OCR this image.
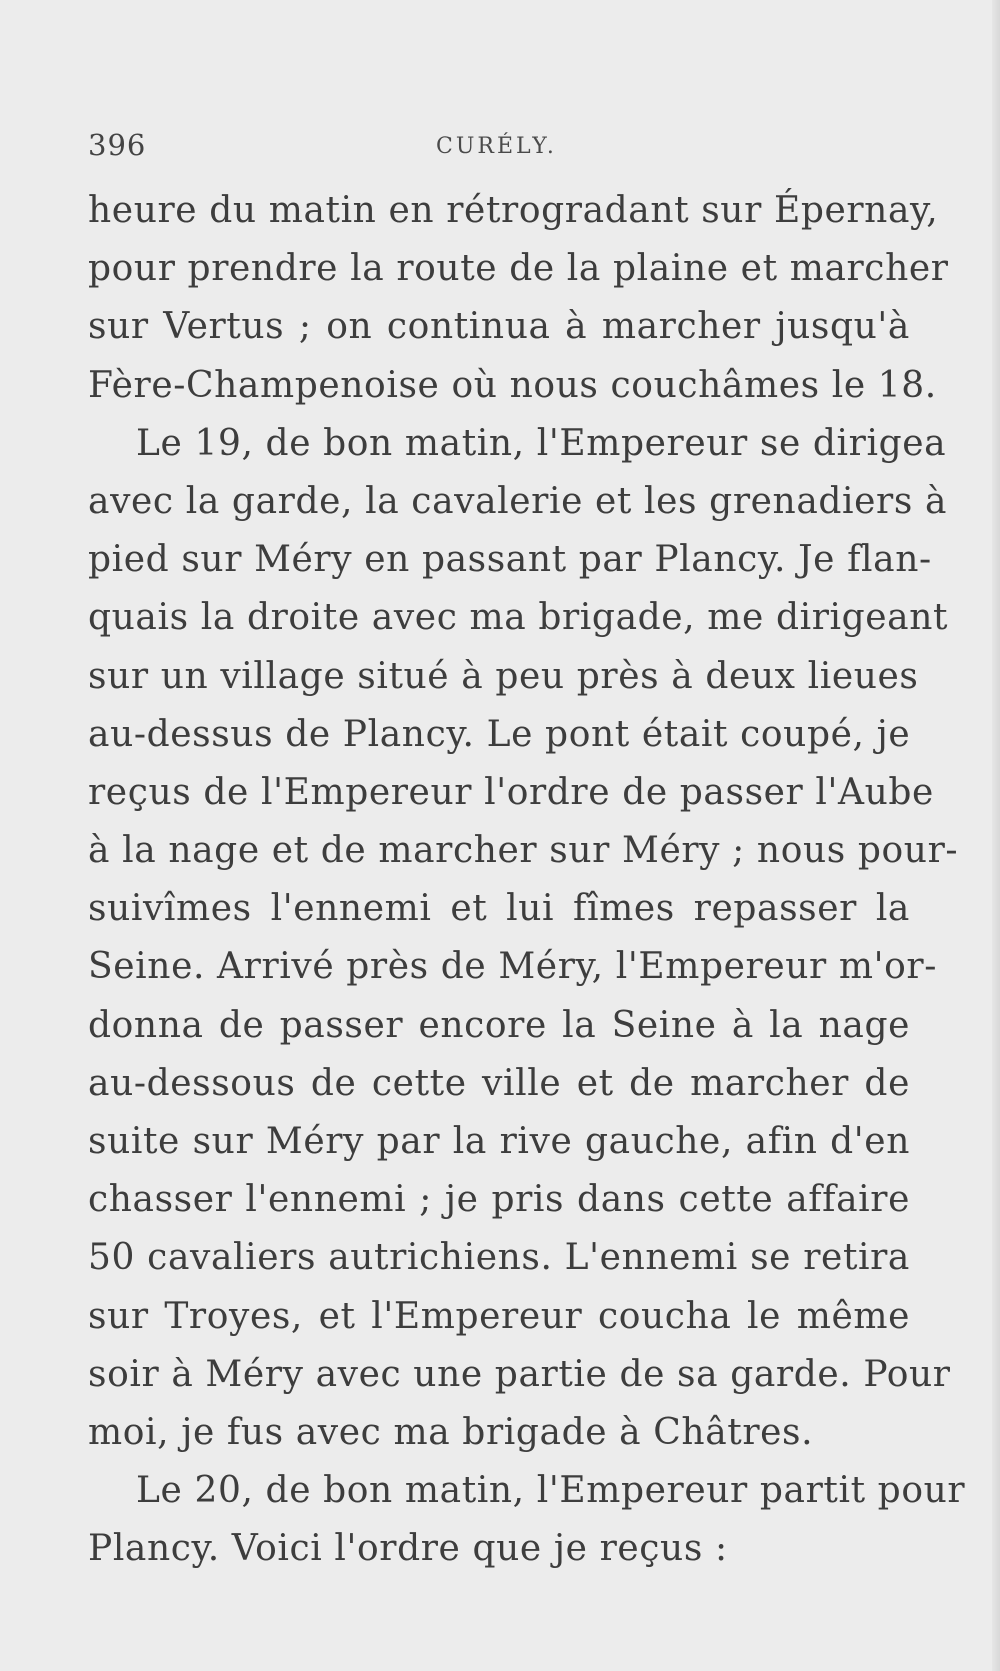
396	CURÉLY.
heure du matin en rétrogradant sur Épernay,
pour prendre la route de la plaine et marcher
sur Vertus ; on continua à marcher jusqu'à
Fère-Champenoise où nous couchâmes le 18.
Le 19, de bon matin, l'Empereur se dirigea
avec la garde, la cavalerie et les grenadiers à
pied sur Méry en passant par Plancy. Je flan-
quais la droite avec ma brigade, me dirigeant
sur un village situé à peu près à deux lieues
au-dessus de Plancy. Le pont était coupé, je
reçus de l'Empereur l'ordre de passer l'Aube
à la nage et de marcher sur Méry ; nous pour-
suivîmes l'ennemi et lui fîmes repasser la
Seine. Arrivé près de Méry, l'Empereur m'or-
donna de passer encore la Seine à la nage
au-dessous de cette ville et de marcher de
suite sur Méry par la rive gauche, afin d'en
chasser l'ennemi ; je pris dans cette affaire
50 cavaliers autrichiens. L'ennemi se retira
sur Troyes, et l'Empereur coucha le même
soir à Méry avec une partie de sa garde. Pour
moi, je fus avec ma brigade à Châtres.
Le 20, de bon matin, l'Empereur partit pour
Plancy. Voici l'ordre que je reçus :
